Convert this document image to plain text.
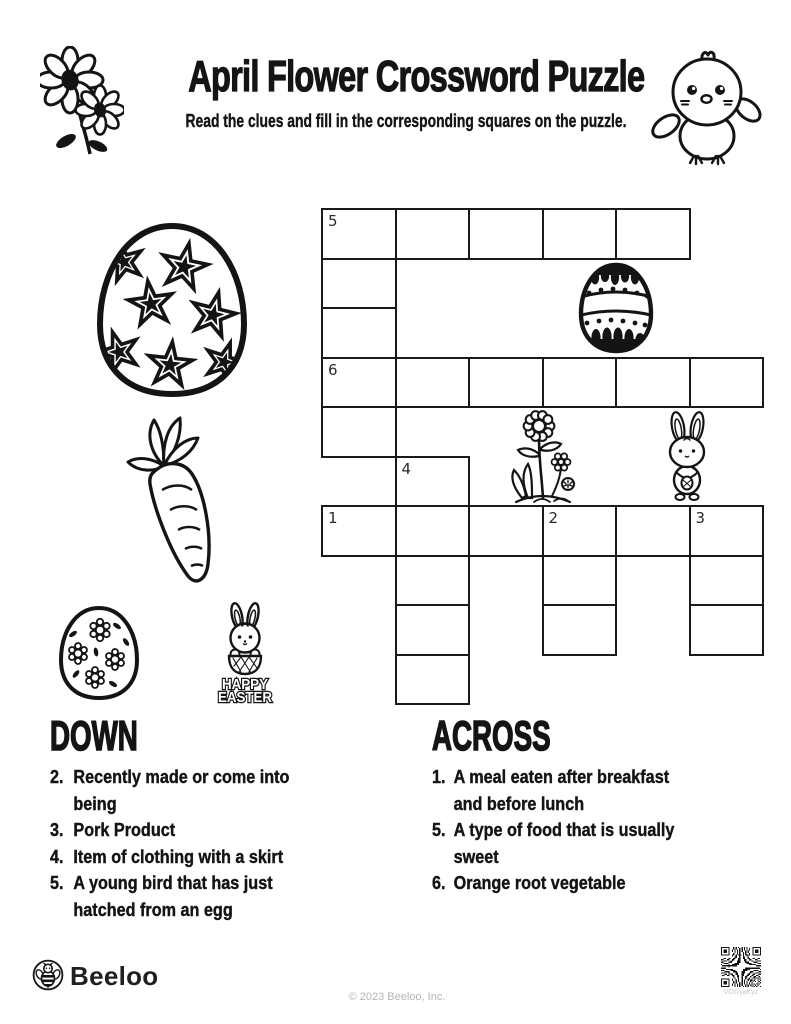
April Flower Crossword Puzzle
Read the clues and fill in the corresponding squares on the puzzle.
HAPPY
EASTER
5
6
4
1	2	3
DOWN
2. Recently made or come into being
3. Pork Product
4. Item of clothing with a skirt
5. A young bird that has just hatched from an egg
ACROSS
1. A meal eaten after breakfast and before lunch
5. A type of food that is usually sweet
6. Orange root vegetable
Beeloo
© 2023 Beeloo, Inc.	VOGyaKyz
